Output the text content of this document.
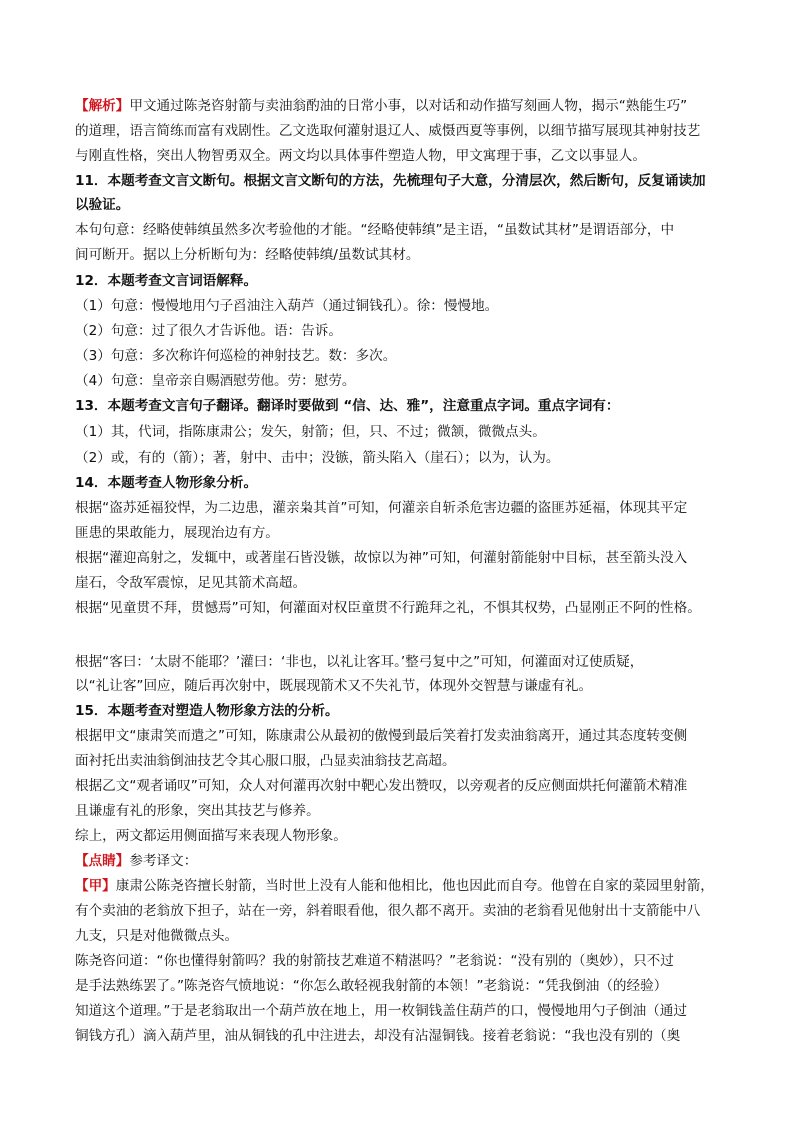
【解析】甲文通过陈尧咨射箭与卖油翁酌油的日常小事，以对话和动作描写刻画人物，揭示“熟能生巧”
的道理，语言简练而富有戏剧性。乙文选取何灌射退辽人、威慑西夏等事例，以细节描写展现其神射技艺
与刚直性格，突出人物智勇双全。两文均以具体事件塑造人物，甲文寓理于事，乙文以事显人。
11．本题考查文言文断句。根据文言文断句的方法，先梳理句子大意，分清层次，然后断句，反复诵读加
以验证。
本句句意：经略使韩缜虽然多次考验他的才能。“经略使韩缜”是主语，“虽数试其材”是谓语部分，中
间可断开。据以上分析断句为：经略使韩缜/虽数试其材。
12．本题考查文言词语解释。
（1）句意：慢慢地用勺子舀油注入葫芦（通过铜钱孔）。徐：慢慢地。
（2）句意：过了很久才告诉他。语：告诉。
（3）句意：多次称许何巡检的神射技艺。数：多次。
（4）句意：皇帝亲自赐酒慰劳他。劳：慰劳。
13．本题考查文言句子翻译。翻译时要做到 “信、达、雅”，注意重点字词。重点字词有：
（1）其，代词，指陈康肃公；发矢，射箭；但，只、不过；微颔，微微点头。
（2）或，有的（箭）；著，射中、击中；没镞，箭头陷入（崖石）；以为，认为。
14．本题考查人物形象分析。
根据“盗苏延福狡悍，为二边患，灌亲枭其首”可知，何灌亲自斩杀危害边疆的盗匪苏延福，体现其平定
匪患的果敢能力，展现治边有方。
根据“灌迎高射之，发辄中，或著崖石皆没镞，故惊以为神”可知，何灌射箭能射中目标，甚至箭头没入
崖石，令敌军震惊，足见其箭术高超。
根据“见童贯不拜，贯憾焉”可知，何灌面对权臣童贯不行跪拜之礼，不惧其权势，凸显刚正不阿的性格。
根据“客曰：‘太尉不能耶？’灌曰：‘非也，以礼让客耳。’整弓复中之”可知，何灌面对辽使质疑，
以“礼让客”回应，随后再次射中，既展现箭术又不失礼节，体现外交智慧与谦虚有礼。
15．本题考查对塑造人物形象方法的分析。
根据甲文“康肃笑而遣之”可知，陈康肃公从最初的傲慢到最后笑着打发卖油翁离开，通过其态度转变侧
面衬托出卖油翁倒油技艺令其心服口服，凸显卖油翁技艺高超。
根据乙文“观者诵叹”可知，众人对何灌再次射中靶心发出赞叹，以旁观者的反应侧面烘托何灌箭术精准
且谦虚有礼的形象，突出其技艺与修养。
综上，两文都运用侧面描写来表现人物形象。
【点睛】参考译文：
【甲】康肃公陈尧咨擅长射箭，当时世上没有人能和他相比，他也因此而自夸。他曾在自家的菜园里射箭，
有个卖油的老翁放下担子，站在一旁，斜着眼看他，很久都不离开。卖油的老翁看见他射出十支箭能中八
九支，只是对他微微点头。
陈尧咨问道：“你也懂得射箭吗？我的射箭技艺难道不精湛吗？”老翁说：“没有别的（奥妙），只不过
是手法熟练罢了。”陈尧咨气愤地说：“你怎么敢轻视我射箭的本领！”老翁说：“凭我倒油（的经验）
知道这个道理。”于是老翁取出一个葫芦放在地上，用一枚铜钱盖住葫芦的口，慢慢地用勺子倒油（通过
铜钱方孔）滴入葫芦里，油从铜钱的孔中注进去，却没有沾湿铜钱。接着老翁说：“我也没有别的（奥
